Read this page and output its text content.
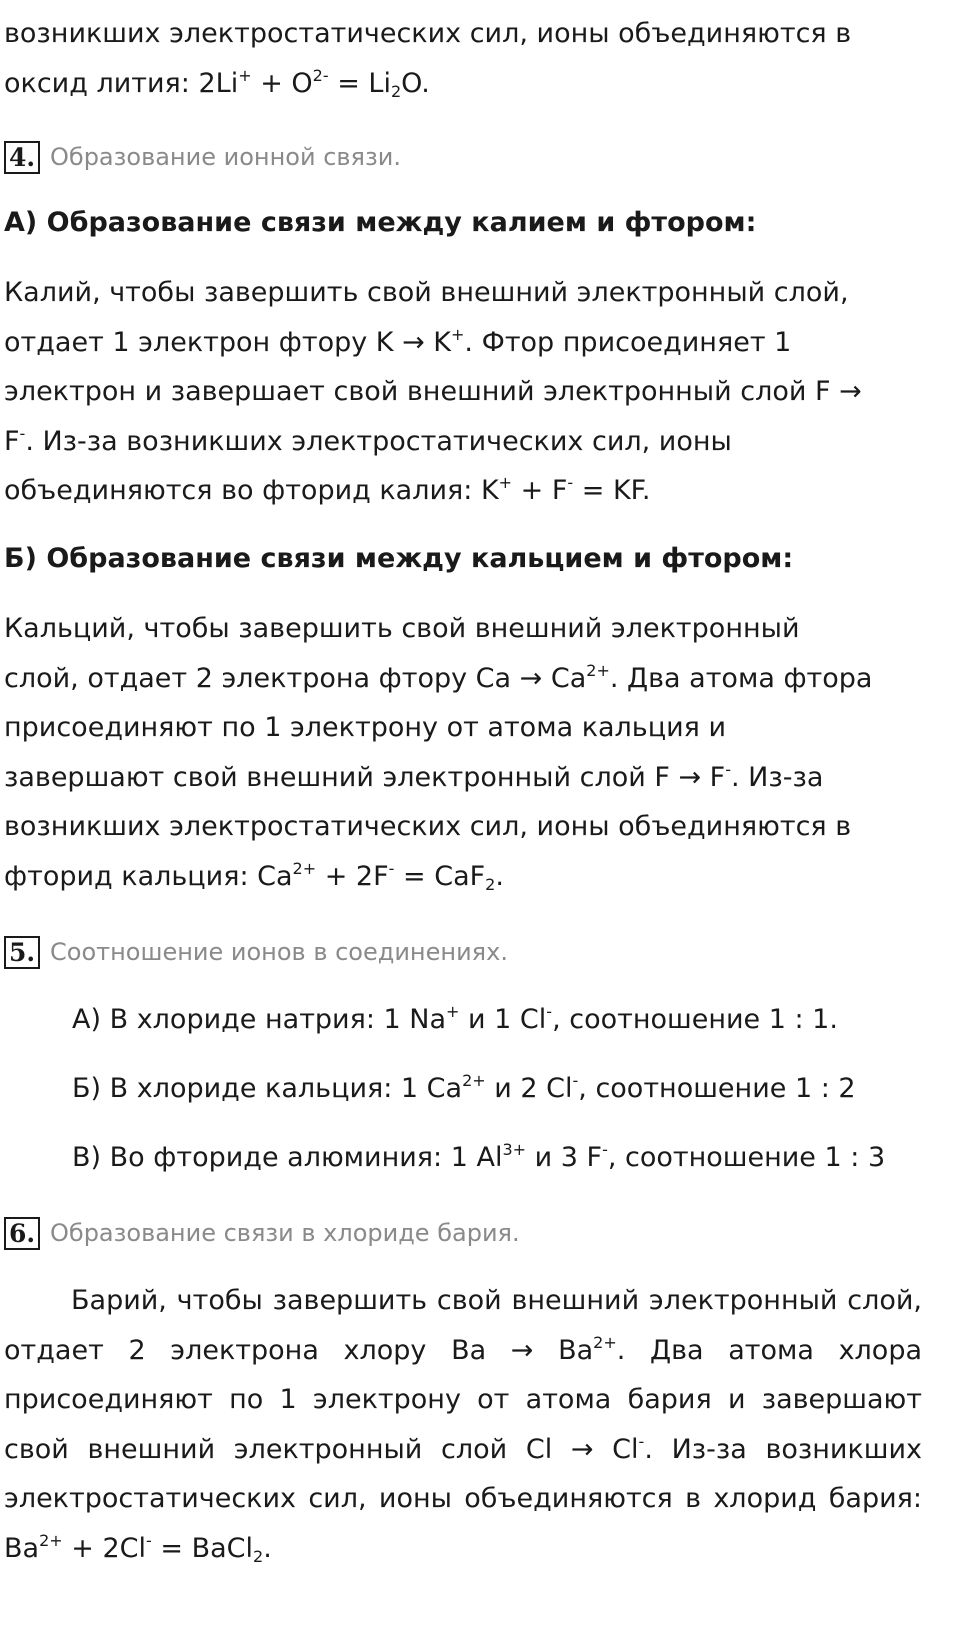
возникших электростатических сил, ионы объединяются в
оксид лития: $2Li^+ + O^{2-} = Li_2O$.

4. Образование ионной связи.
А) Образование связи между калием и фтором:

Калий, чтобы завершить свой внешний электронный слой,
отдает 1 электрон фтору K → K+. Фтор присоединяет 1
электрон и завершает свой внешний электронный слой F →
F-. Из-за возникших электростатических сил, ионы
объединяются во фторид калия: K+ + F- = KF.

Б) Образование связи между кальцием и фтором:

Кальций, чтобы завершить свой внешний электронный
слой, отдает 2 электрона фтору $Ca \to Ca^{2+}$. Два атома фтора
присоединяют по 1 электрону от атома кальция и
завершают свой внешний электронный слой F → F-. Из-за
возникших электростатических сил, ионы объединяются в
фторид кальция: $Ca^{2+} + 2F^- = CaF_2$.

5. Соотношение ионов в соединениях.

А) В хлориде натрия: 1 Na+ и 1 Cl-, соотношение 1 : 1.

Б) В хлориде кальция: 1 $Ca^{2+}$ и 2 Cl-, соотношение 1 : 2

В) Во фториде алюминия: 1 $Al^{3+}$ и 3 F-, соотношение 1 : 3

6. Образование связи в хлориде бария.

Барий, чтобы завершить свой внешний электронный слой, отдает 2 электрона хлору $Ba \to Ba^{2+}$. Два атома хлора присоединяют по 1 электрону от атома бария и завершают свой внешний электронный слой Cl → Cl-. Из-за возникших электростатических сил, ионы объединяются в хлорид бария: $Ba^{2+} + 2Cl^-$ = BaCl$_2$.
